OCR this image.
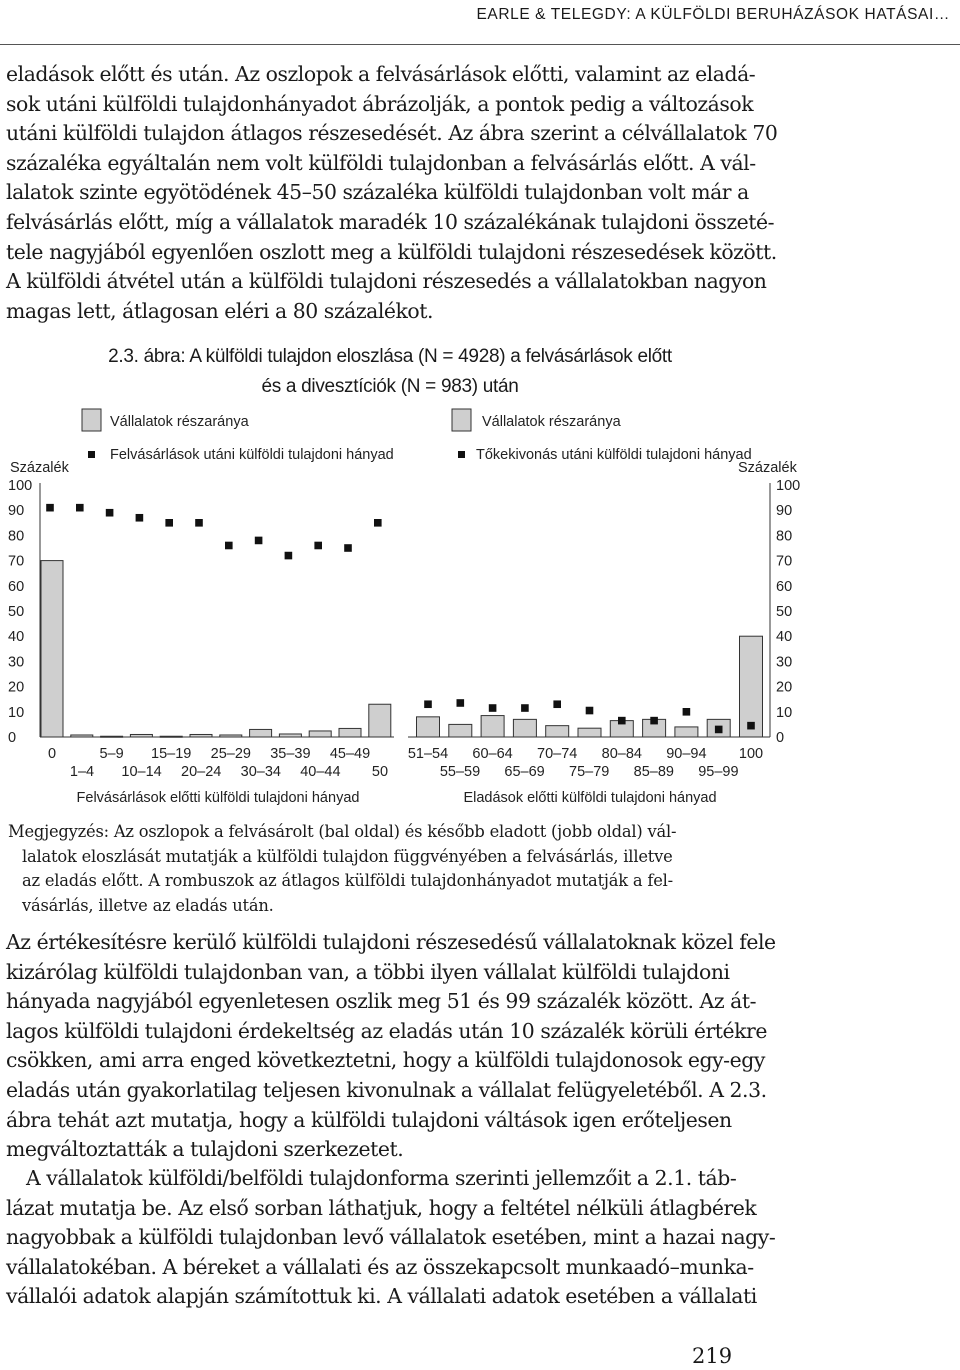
EARLE & TELEGDY: A KÜLFÖLDI BERUHÁZÁSOK HATÁSAI…
eladások előtt és után. Az oszlopok a felvásárlások előtti, valamint az eladá-
sok utáni külföldi tulajdonhányadot ábrázolják, a pontok pedig a változások
utáni külföldi tulajdon átlagos részesedését. Az ábra szerint a célvállalatok 70
százaléka egyáltalán nem volt külföldi tulajdonban a felvásárlás előtt. A vál-
lalatok szinte egyötödének 45–50 százaléka külföldi tulajdonban volt már a
felvásárlás előtt, míg a vállalatok maradék 10 százalékának tulajdoni összeté-
tele nagyjából egyenlően oszlott meg a külföldi tulajdoni részesedések között.
A külföldi átvétel után a külföldi tulajdoni részesedés a vállalatokban nagyon
magas lett, átlagosan eléri a 80 százalékot.
2.3. ábra: A külföldi tulajdon eloszlása (N = 4928) a felvásárlások előtt
és a divesztíciók (N = 983) után
0
10
20
30
40
50
60
70
80
90
100
0
10
20
30
40
50
60
70
80
90
100
Százalék	Százalék
0	5–9 15–19 25–29 35–39 45–49
1–4 10–14 20–24 30–34 40–44 50
Felvásárlások előtti külföldi tulajdoni hányad
51–54 60–64 70–74 80–84 90–94 100
55–59 65–69 75–79 85–89 95–99
Eladások előtti külföldi tulajdoni hányad
Vállalatok részaránya
Felvásárlások utáni külföldi tulajdoni hányad
Vállalatok részaránya
Tőkekivonás utáni külföldi tulajdoni hányad
Megjegyzés: Az oszlopok a felvásárolt (bal oldal) és később eladott (jobb oldal) vál-
lalatok eloszlását mutatják a külföldi tulajdon függvényében a felvásárlás, illetve
az eladás előtt. A rombuszok az átlagos külföldi tulajdonhányadot mutatják a fel-
vásárlás, illetve az eladás után.
Az értékesítésre kerülő külföldi tulajdoni részesedésű vállalatoknak közel fele
kizárólag külföldi tulajdonban van, a többi ilyen vállalat külföldi tulajdoni
hányada nagyjából egyenletesen oszlik meg 51 és 99 százalék között. Az át-
lagos külföldi tulajdoni érdekeltség az eladás után 10 százalék körüli értékre
csökken, ami arra enged következtetni, hogy a külföldi tulajdonosok egy-egy
eladás után gyakorlatilag teljesen kivonulnak a vállalat felügyeletéből. A 2.3.
ábra tehát azt mutatja, hogy a külföldi tulajdoni váltások igen erőteljesen
megváltoztatták a tulajdoni szerkezetet.
A vállalatok külföldi/belföldi tulajdonforma szerinti jellemzőit a 2.1. táb-
lázat mutatja be. Az első sorban láthatjuk, hogy a feltétel nélküli átlagbérek
nagyobbak a külföldi tulajdonban levő vállalatok esetében, mint a hazai nagy-
vállalatokéban. A béreket a vállalati és az összekapcsolt munkaadó–munka-
vállalói adatok alapján számítottuk ki. A vállalati adatok esetében a vállalati
219
